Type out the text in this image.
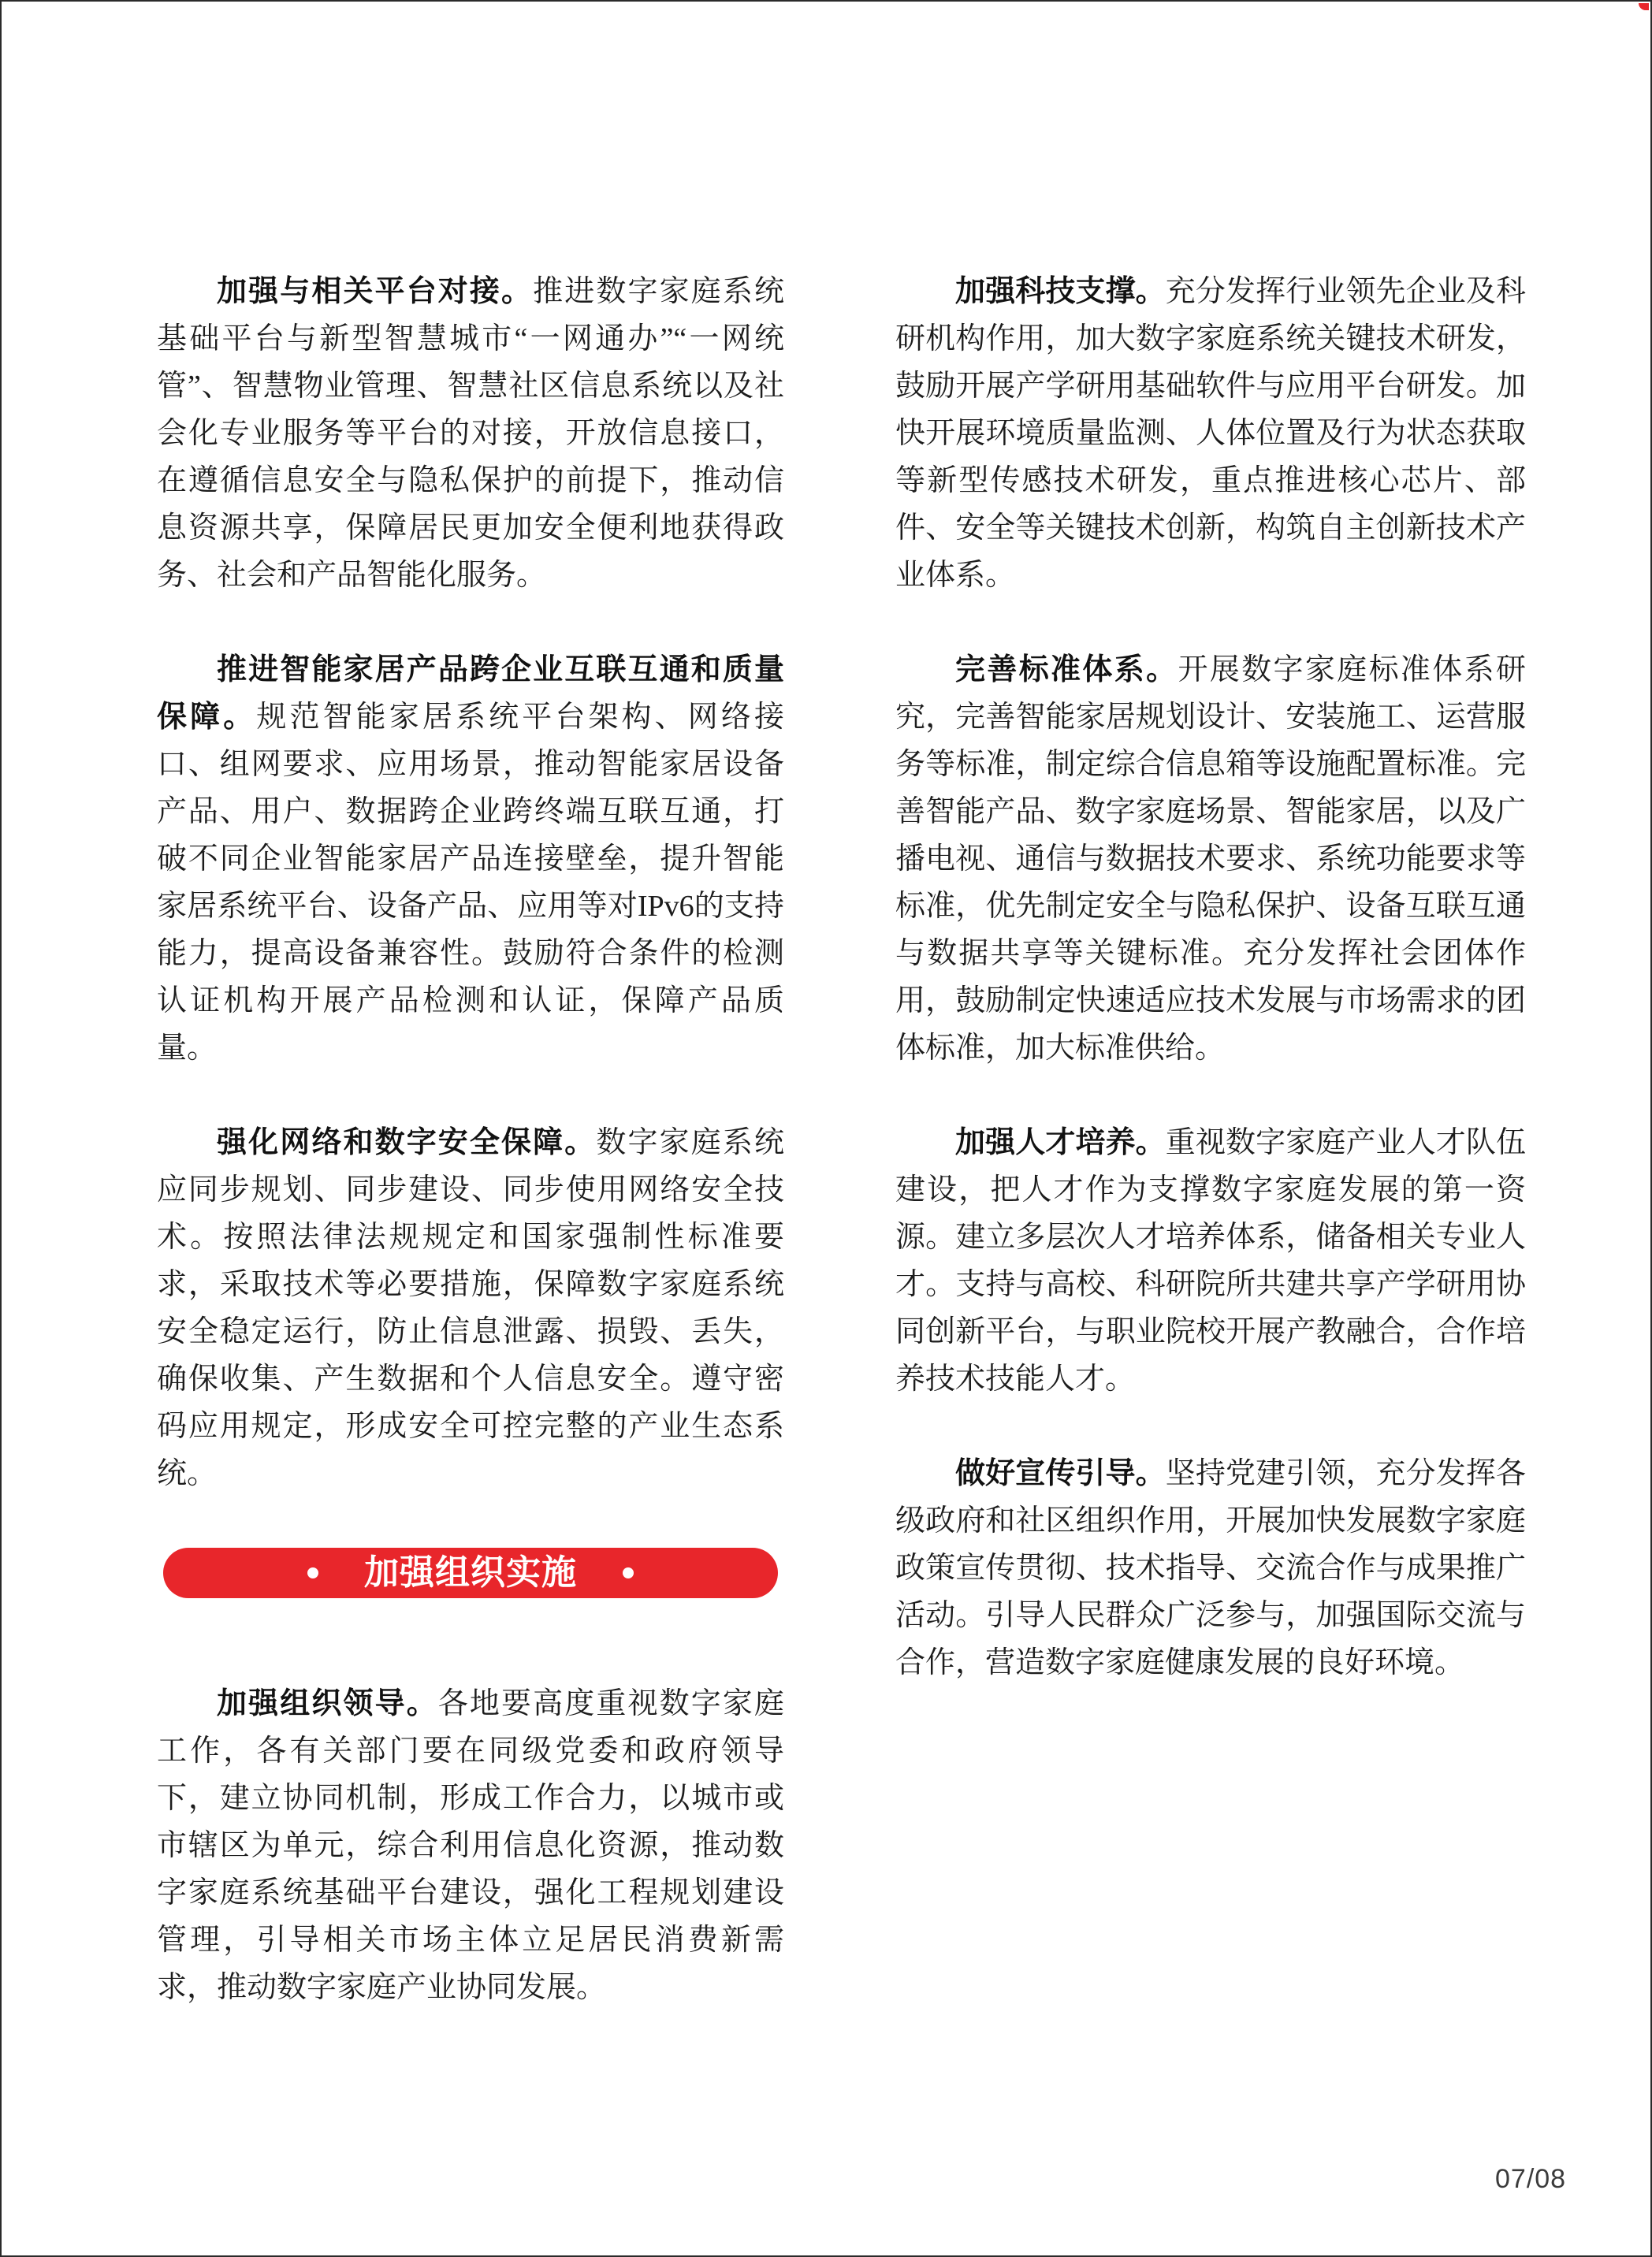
加强与相关平台对接。推进数字家庭系统基础平台与新型智慧城市“一网通办”“一网统管”、智慧物业管理、智慧社区信息系统以及社会化专业服务等平台的对接，开放信息接口，在遵循信息安全与隐私保护的前提下，推动信息资源共享，保障居民更加安全便利地获得政务、社会和产品智能化服务。

推进智能家居产品跨企业互联互通和质量保障。规范智能家居系统平台架构、网络接口、组网要求、应用场景，推动智能家居设备产品、用户、数据跨企业跨终端互联互通，打破不同企业智能家居产品连接壁垒，提升智能家居系统平台、设备产品、应用等对IPv6的支持能力，提高设备兼容性。鼓励符合条件的检测认证机构开展产品检测和认证，保障产品质量。

强化网络和数字安全保障。数字家庭系统应同步规划、同步建设、同步使用网络安全技术。按照法律法规规定和国家强制性标准要求，采取技术等必要措施，保障数字家庭系统安全稳定运行，防止信息泄露、损毁、丢失，确保收集、产生数据和个人信息安全。遵守密码应用规定，形成安全可控完整的产业生态系统。

加强组织实施

加强组织领导。各地要高度重视数字家庭工作，各有关部门要在同级党委和政府领导下，建立协同机制，形成工作合力，以城市或市辖区为单元，综合利用信息化资源，推动数字家庭系统基础平台建设，强化工程规划建设管理，引导相关市场主体立足居民消费新需求，推动数字家庭产业协同发展。

加强科技支撑。充分发挥行业领先企业及科研机构作用，加大数字家庭系统关键技术研发，鼓励开展产学研用基础软件与应用平台研发。加快开展环境质量监测、人体位置及行为状态获取等新型传感技术研发，重点推进核心芯片、部件、安全等关键技术创新，构筑自主创新技术产业体系。

完善标准体系。开展数字家庭标准体系研究，完善智能家居规划设计、安装施工、运营服务等标准，制定综合信息箱等设施配置标准。完善智能产品、数字家庭场景、智能家居，以及广播电视、通信与数据技术要求、系统功能要求等标准，优先制定安全与隐私保护、设备互联互通与数据共享等关键标准。充分发挥社会团体作用，鼓励制定快速适应技术发展与市场需求的团体标准，加大标准供给。

加强人才培养。重视数字家庭产业人才队伍建设，把人才作为支撑数字家庭发展的第一资源。建立多层次人才培养体系，储备相关专业人才。支持与高校、科研院所共建共享产学研用协同创新平台，与职业院校开展产教融合，合作培养技术技能人才。

做好宣传引导。坚持党建引领，充分发挥各级政府和社区组织作用，开展加快发展数字家庭政策宣传贯彻、技术指导、交流合作与成果推广活动。引导人民群众广泛参与，加强国际交流与合作，营造数字家庭健康发展的良好环境。

07/08
